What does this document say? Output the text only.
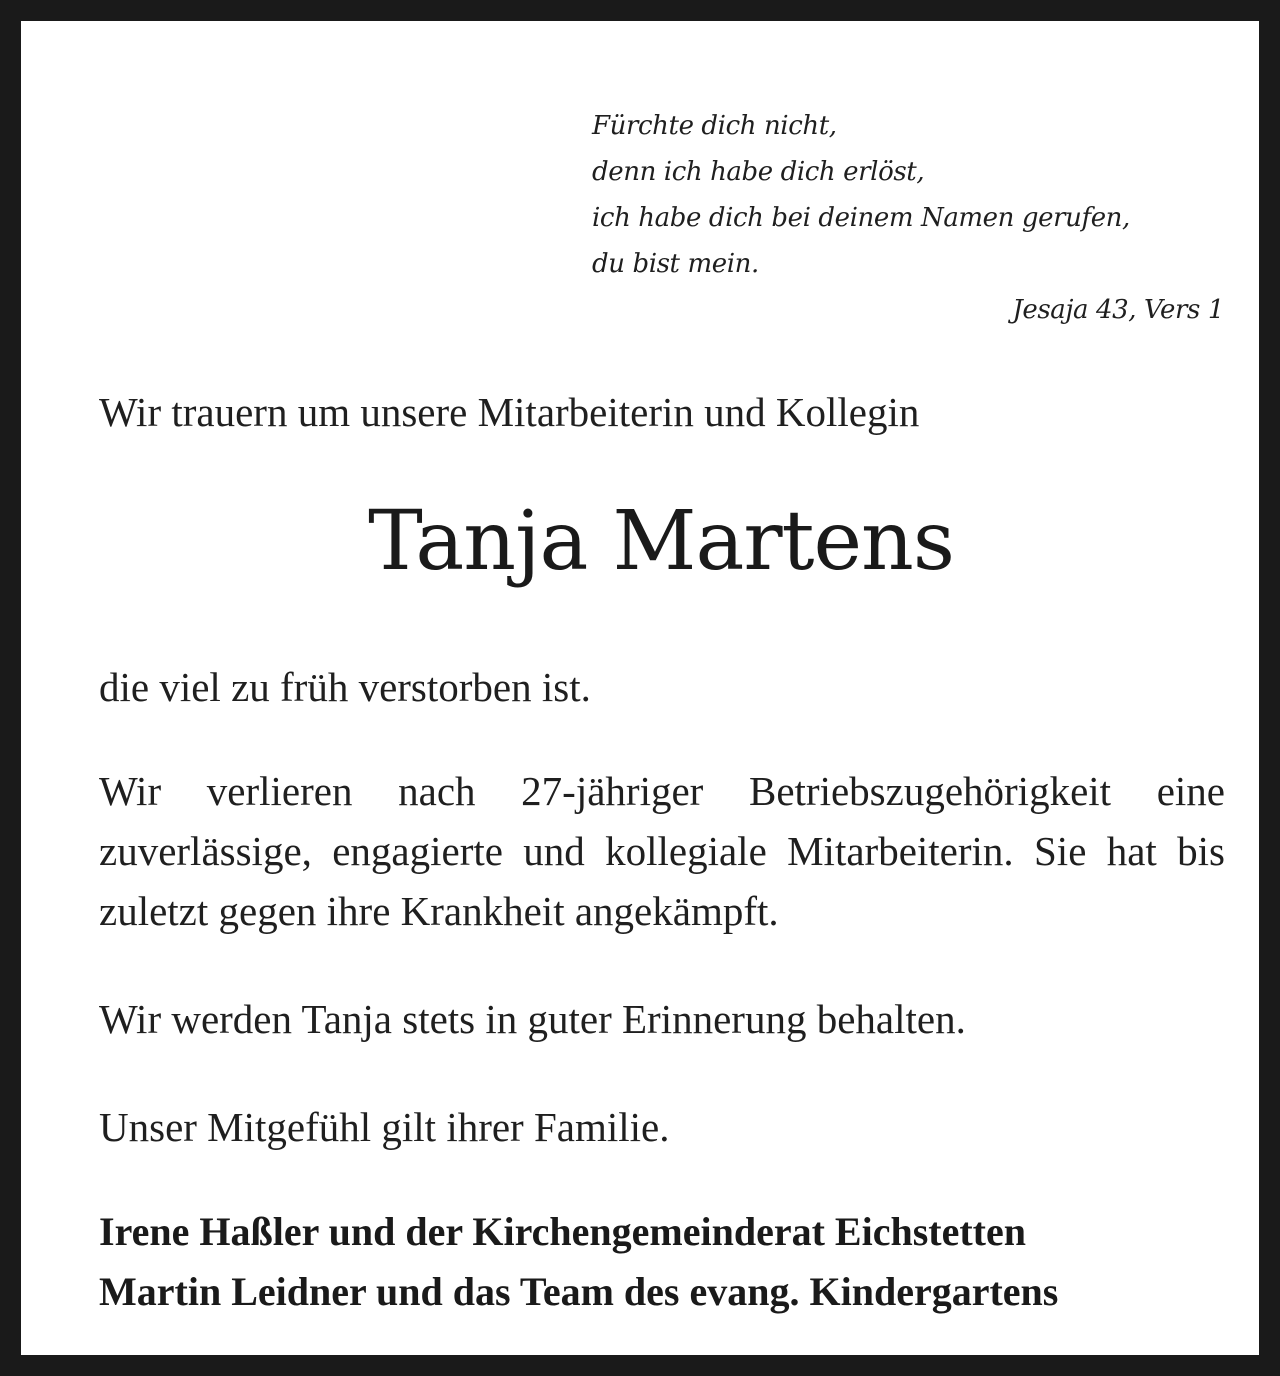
Fürchte dich nicht,
denn ich habe dich erlöst,
ich habe dich bei deinem Namen gerufen,
du bist mein.
Jesaja 43, Vers 1
Wir trauern um unsere Mitarbeiterin und Kollegin
Tanja Martens
die viel zu früh verstorben ist.
Wir verlieren nach 27-jähriger Betriebszugehörigkeit eine zuverlässige, engagierte und kollegiale Mitarbeiterin. Sie hat bis zuletzt gegen ihre Krankheit angekämpft.
Wir werden Tanja stets in guter Erinnerung behalten.
Unser Mitgefühl gilt ihrer Familie.
Irene Haßler und der Kirchengemeinderat Eichstetten
Martin Leidner und das Team des evang. Kindergartens
